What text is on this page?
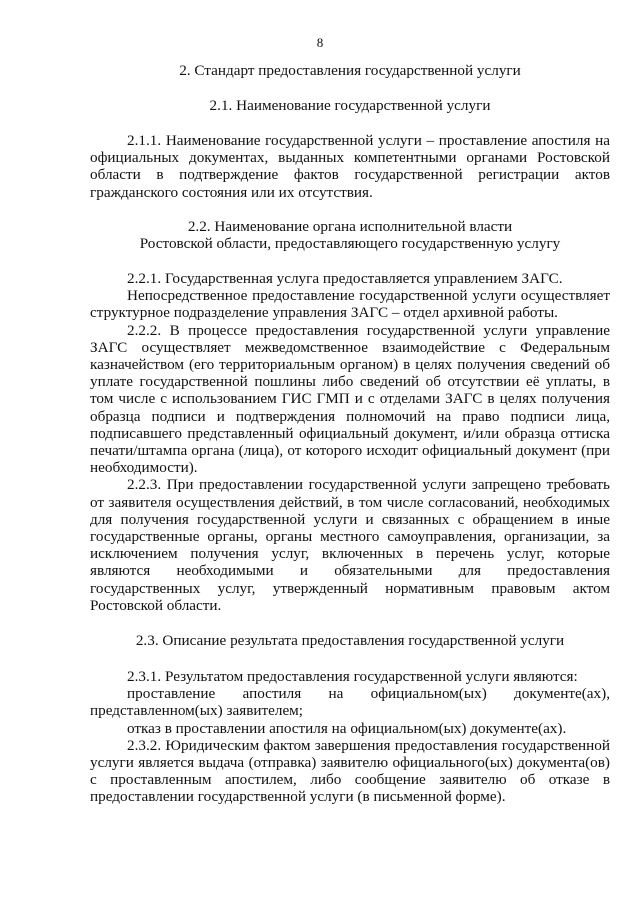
8
2. Стандарт предоставления государственной услуги
2.1. Наименование государственной услуги

2.1.1. Наименование государственной услуги – проставление апостиля на официальных документах, выданных компетентными органами Ростовской области в подтверждение фактов государственной регистрации актов гражданского состояния или их отсутствия.

2.2. Наименование органа исполнительной власти
Ростовской области, предоставляющего государственную услугу

2.2.1. Государственная услуга предоставляется управлением ЗАГС.

Непосредственное предоставление государственной услуги осуществляет структурное подразделение управления ЗАГС – отдел архивной работы.

2.2.2. В процессе предоставления государственной услуги управление ЗАГС осуществляет межведомственное взаимодействие с Федеральным казначейством (его территориальным органом) в целях получения сведений об уплате государственной пошлины либо сведений об отсутствии её уплаты, в том числе с использованием ГИС ГМП и с отделами ЗАГС в целях получения образца подписи и подтверждения полномочий на право подписи лица, подписавшего представленный официальный документ, и/или образца оттиска печати/штампа органа (лица), от которого исходит официальный документ (при необходимости).

2.2.3. При предоставлении государственной услуги запрещено требовать от заявителя осуществления действий, в том числе согласований, необходимых для получения государственной услуги и связанных с обращением в иные государственные органы, органы местного самоуправления, организации, за исключением получения услуг, включенных в перечень услуг, которые являются необходимыми и обязательными для предоставления государственных услуг, утвержденный нормативным правовым актом Ростовской области.

2.3. Описание результата предоставления государственной услуги

2.3.1. Результатом предоставления государственной услуги являются:

проставление апостиля на официальном(ых) документе(ах), представленном(ых) заявителем;

отказ в проставлении апостиля на официальном(ых) документе(ах).

2.3.2. Юридическим фактом завершения предоставления государственной услуги является выдача (отправка) заявителю официального(ых) документа(ов) с проставленным апостилем, либо сообщение заявителю об отказе в предоставлении государственной услуги (в письменной форме).
